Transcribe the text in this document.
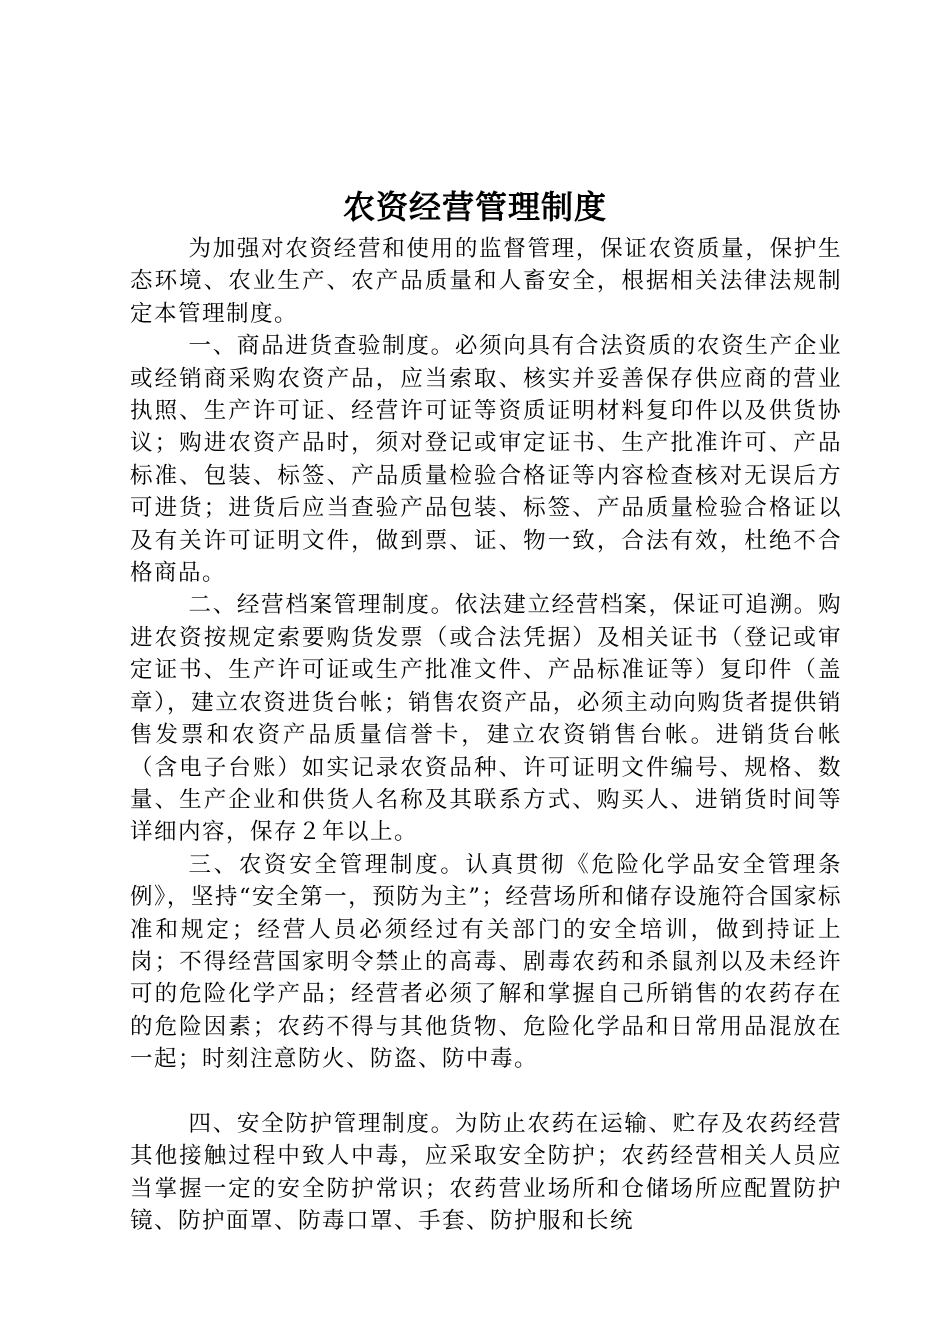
农资经营管理制度

为加强对农资经营和使用的监督管理，保证农资质量，保护生态环境、农业生产、农产品质量和人畜安全，根据相关法律法规制定本管理制度。

一、商品进货查验制度。必须向具有合法资质的农资生产企业或经销商采购农资产品，应当索取、核实并妥善保存供应商的营业执照、生产许可证、经营许可证等资质证明材料复印件以及供货协议；购进农资产品时，须对登记或审定证书、生产批准许可、产品标准、包装、标签、产品质量检验合格证等内容检查核对无误后方可进货；进货后应当查验产品包装、标签、产品质量检验合格证以及有关许可证明文件，做到票、证、物一致，合法有效，杜绝不合格商品。

二、经营档案管理制度。依法建立经营档案，保证可追溯。购进农资按规定索要购货发票（或合法凭据）及相关证书（登记或审定证书、生产许可证或生产批准文件、产品标准证等）复印件（盖章），建立农资进货台帐；销售农资产品，必须主动向购货者提供销售发票和农资产品质量信誉卡，建立农资销售台帐。进销货台帐（含电子台账）如实记录农资品种、许可证明文件编号、规格、数量、生产企业和供货人名称及其联系方式、购买人、进销货时间等详细内容，保存２年以上。

三、农资安全管理制度。认真贯彻《危险化学品安全管理条例》，坚持“安全第一，预防为主”；经营场所和储存设施符合国家标准和规定；经营人员必须经过有关部门的安全培训，做到持证上岗；不得经营国家明令禁止的高毒、剧毒农药和杀鼠剂以及未经许可的危险化学产品；经营者必须了解和掌握自己所销售的农药存在的危险因素；农药不得与其他货物、危险化学品和日常用品混放在一起；时刻注意防火、防盗、防中毒。

四、安全防护管理制度。为防止农药在运输、贮存及农药经营其他接触过程中致人中毒，应采取安全防护；农药经营相关人员应当掌握一定的安全防护常识；农药营业场所和仓储场所应配置防护镜、防护面罩、防毒口罩、手套、防护服和长统
